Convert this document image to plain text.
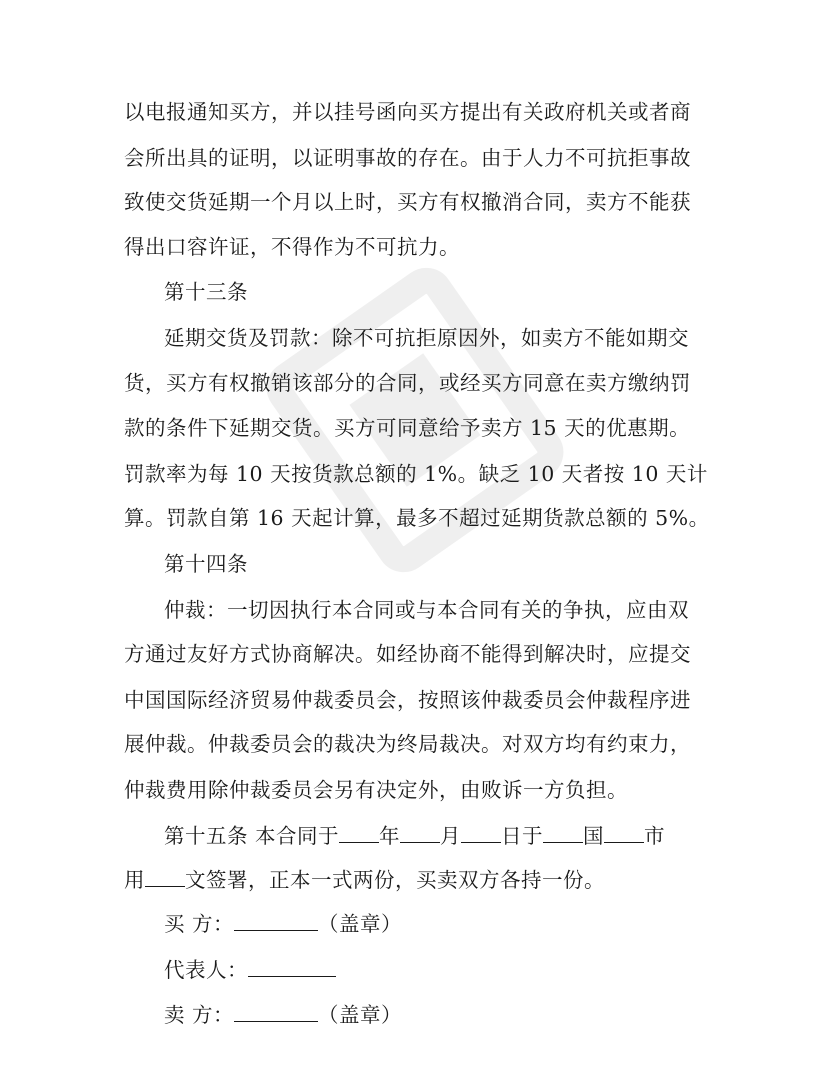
以电报通知买方，并以挂号函向买方提出有关政府机关或者商
会所出具的证明，以证明事故的存在。由于人力不可抗拒事故
致使交货延期一个月以上时，买方有权撤消合同，卖方不能获
得出口容许证，不得作为不可抗力。
第十三条
延期交货及罚款：除不可抗拒原因外，如卖方不能如期交
货，买方有权撤销该部分的合同，或经买方同意在卖方缴纳罚
款的条件下延期交货。买方可同意给予卖方 15 天的优惠期。
罚款率为每 10 天按货款总额的 1%。缺乏 10 天者按 10 天计
算。罚款自第 16 天起计算，最多不超过延期货款总额的 5%。
第十四条
仲裁：一切因执行本合同或与本合同有关的争执，应由双
方通过友好方式协商解决。如经协商不能得到解决时，应提交
中国国际经济贸易仲裁委员会，按照该仲裁委员会仲裁程序进
展仲裁。仲裁委员会的裁决为终局裁决。对双方均有约束力，
仲裁费用除仲裁委员会另有决定外，由败诉一方负担。
第十五条 本合同于 年 月 日于 国 市
用 文签署，正本一式两份，买卖双方各持一份。
买 方：	（盖章）
代表人：
卖 方：	（盖章）
